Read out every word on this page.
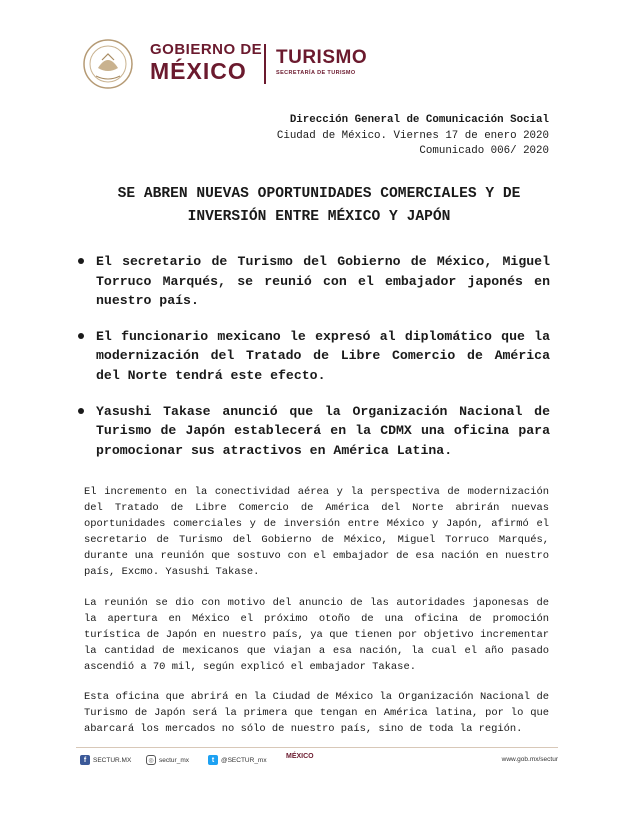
GOBIERNO DE
MÉXICO
TURISMO
SECRETARÍA DE TURISMO
Dirección General de Comunicación Social
Ciudad de México. Viernes 17 de enero 2020
Comunicado 006/ 2020
SE ABREN NUEVAS OPORTUNIDADES COMERCIALES Y DE INVERSIÓN ENTRE MÉXICO Y JAPÓN
El secretario de Turismo del Gobierno de México, Miguel Torruco Marqués, se reunió con el embajador japonés en nuestro país.
El funcionario mexicano le expresó al diplomático que la modernización del Tratado de Libre Comercio de América del Norte tendrá este efecto.
Yasushi Takase anunció que la Organización Nacional de Turismo de Japón establecerá en la CDMX una oficina para promocionar sus atractivos en América Latina.

El incremento en la conectividad aérea y la perspectiva de modernización del Tratado de Libre Comercio de América del Norte abrirán nuevas oportunidades comerciales y de inversión entre México y Japón, afirmó el secretario de Turismo del Gobierno de México, Miguel Torruco Marqués, durante una reunión que sostuvo con el embajador de esa nación en nuestro país, Excmo. Yasushi Takase.

La reunión se dio con motivo del anuncio de las autoridades japonesas de la apertura en México el próximo otoño de una oficina de promoción turística de Japón en nuestro país, ya que tienen por objetivo incrementar la cantidad de mexicanos que viajan a esa nación, la cual el año pasado ascendió a 70 mil, según explicó el embajador Takase.

Esta oficina que abrirá en la Ciudad de México la Organización Nacional de Turismo de Japón será la primera que tengan en América latina, por lo que abarcará los mercados no sólo de nuestro país, sino de toda la región.

f	SECTUR.MX	◎ sectur_mx	t	@SECTUR_mx	MÉXICO	www.gob.mx/sectur
